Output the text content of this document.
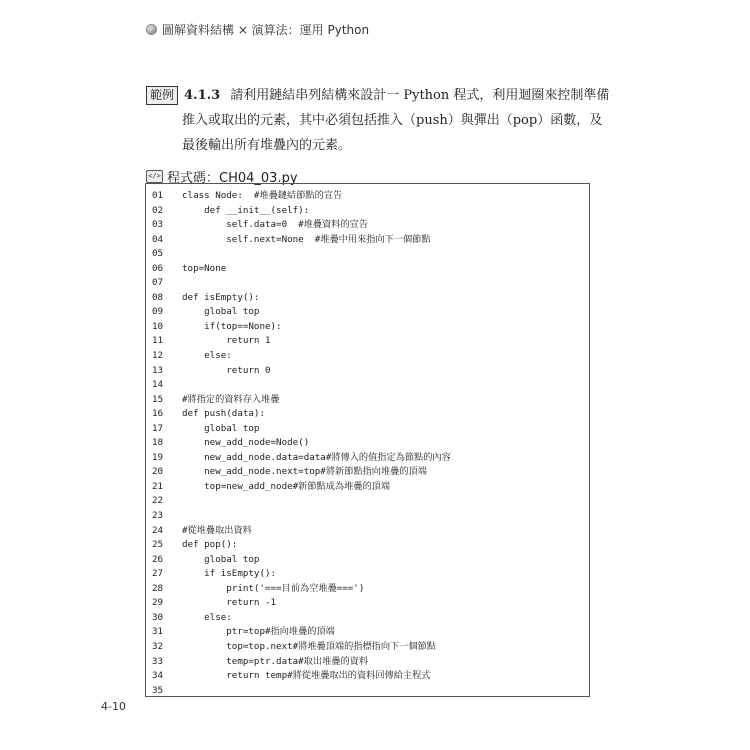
圖解資料結構 × 演算法：運用 Python
範例 4.1.3 請利用鏈結串列結構來設計一 Python 程式，利用迴圈來控制準備
推入或取出的元素，其中必須包括推入（push）與彈出（pop）函數，及
最後輸出所有堆疊內的元素。
</> 程式碼：CH04_03.py
01	class Node:  #堆疊鏈結節點的宣告
02	def __init__(self):
03	self.data=0  #堆疊資料的宣告
04	self.next=None  #堆疊中用來指向下一個節點
05
06	top=None
07
08	def isEmpty():
09	global top
10	if(top==None):
11	return 1
12	else:
13	return 0
14
15	#將指定的資料存入堆疊
16	def push(data):
17	global top
18	new_add_node=Node()
19	new_add_node.data=data#將傳入的值指定為節點的內容
20	new_add_node.next=top#將新節點指向堆疊的頂端
21	top=new_add_node#新節點成為堆疊的頂端
22
23
24	#從堆疊取出資料
25	def pop():
26	global top
27	if isEmpty():
28	print('===目前為空堆疊===')
29	return -1
30	else:
31	ptr=top#指向堆疊的頂端
32	top=top.next#將堆疊頂端的指標指向下一個節點
33	temp=ptr.data#取出堆疊的資料
34	return temp#將從堆疊取出的資料回傳給主程式
35
4-10
